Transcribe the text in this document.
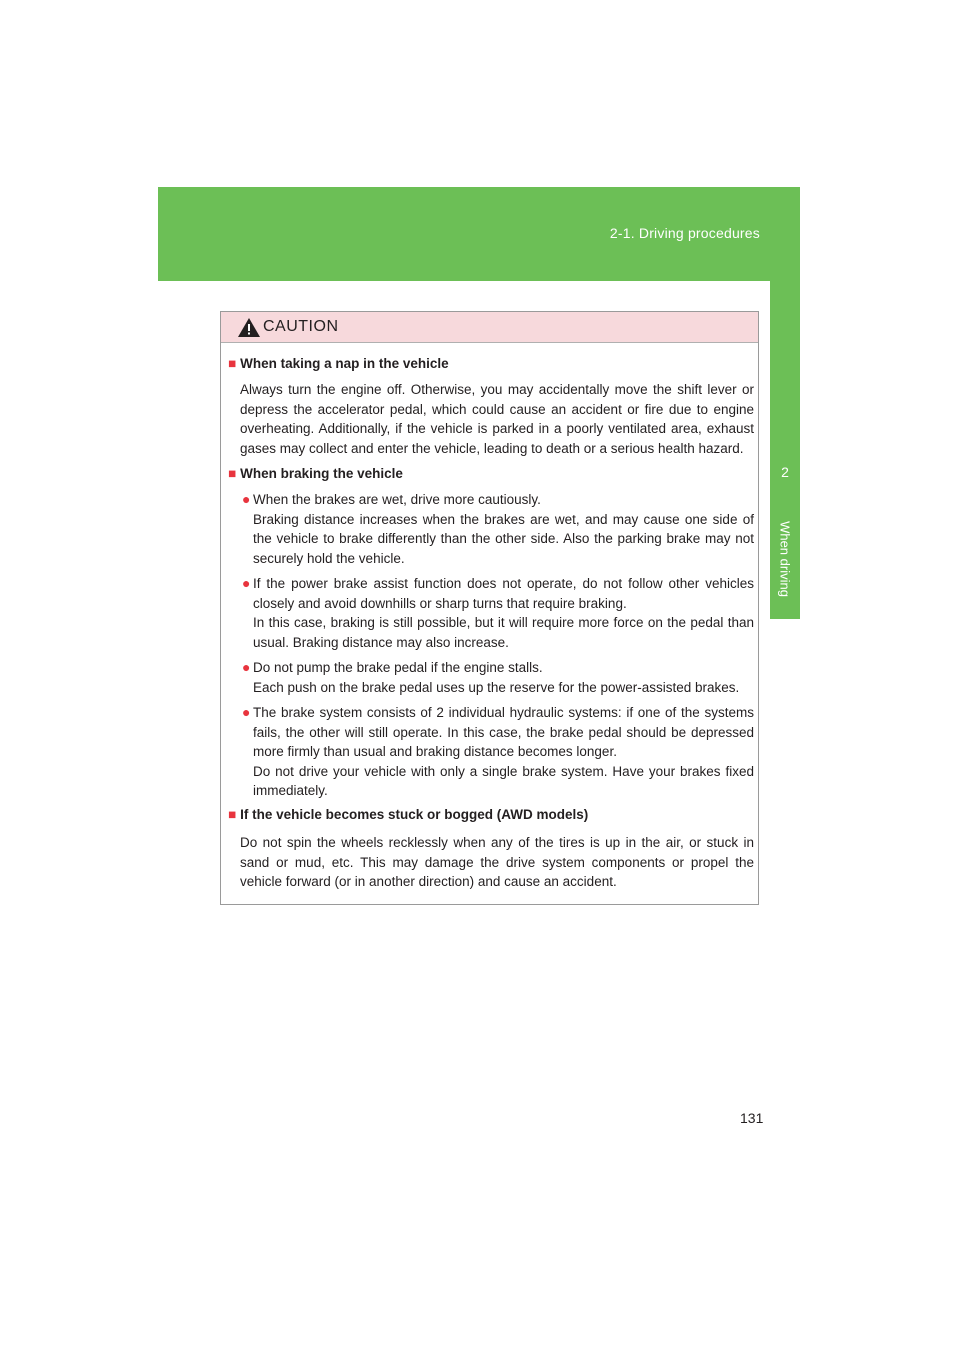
2-1. Driving procedures
2
When driving
CAUTION
■ When taking a nap in the vehicle
Always turn the engine off. Otherwise, you may accidentally move the shift lever or depress the accelerator pedal, which could cause an accident or fire due to engine overheating. Additionally, if the vehicle is parked in a poorly ventilated area, exhaust gases may collect and enter the vehicle, leading to death or a serious health hazard.
■ When braking the vehicle
● When the brakes are wet, drive more cautiously.
Braking distance increases when the brakes are wet, and may cause one side of the vehicle to brake differently than the other side. Also the parking brake may not securely hold the vehicle.
● If the power brake assist function does not operate, do not follow other vehicles closely and avoid downhills or sharp turns that require braking.
In this case, braking is still possible, but it will require more force on the pedal than usual. Braking distance may also increase.
● Do not pump the brake pedal if the engine stalls.
Each push on the brake pedal uses up the reserve for the power-assisted brakes.
● The brake system consists of 2 individual hydraulic systems: if one of the systems fails, the other will still operate. In this case, the brake pedal should be depressed more firmly than usual and braking distance becomes longer.
Do not drive your vehicle with only a single brake system. Have your brakes fixed immediately.
■ If the vehicle becomes stuck or bogged (AWD models)
Do not spin the wheels recklessly when any of the tires is up in the air, or stuck in sand or mud, etc. This may damage the drive system components or propel the vehicle forward (or in another direction) and cause an accident.
131
